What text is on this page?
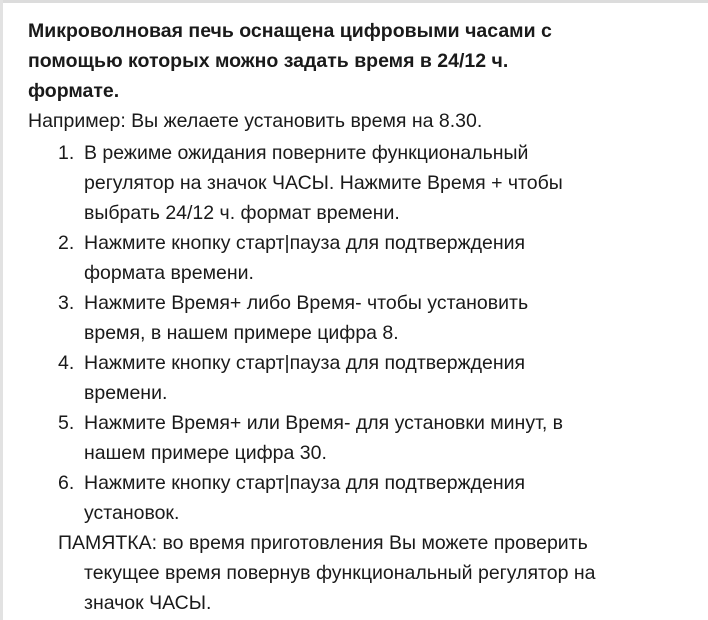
Микроволновая печь оснащена цифровыми часами с
помощью которых можно задать время в 24/12 ч.
формате.

Например: Вы желаете установить время на 8.30.

1. В режиме ожидания поверните функциональный
регулятор на значок ЧАСЫ. Нажмите Время + чтобы
выбрать 24/12 ч. формат времени.
2. Нажмите кнопку старт|пауза для подтверждения
формата времени.
3. Нажмите Время+ либо Время- чтобы установить
время, в нашем примере цифра 8.
4. Нажмите кнопку старт|пауза для подтверждения
времени.
5. Нажмите Время+ или Время- для установки минут, в
нашем примере цифра 30.
6. Нажмите кнопку старт|пауза для подтверждения
установок.
ПАМЯТКА: во время приготовления Вы можете проверить
текущее время повернув функциональный регулятор на
значок ЧАСЫ.
